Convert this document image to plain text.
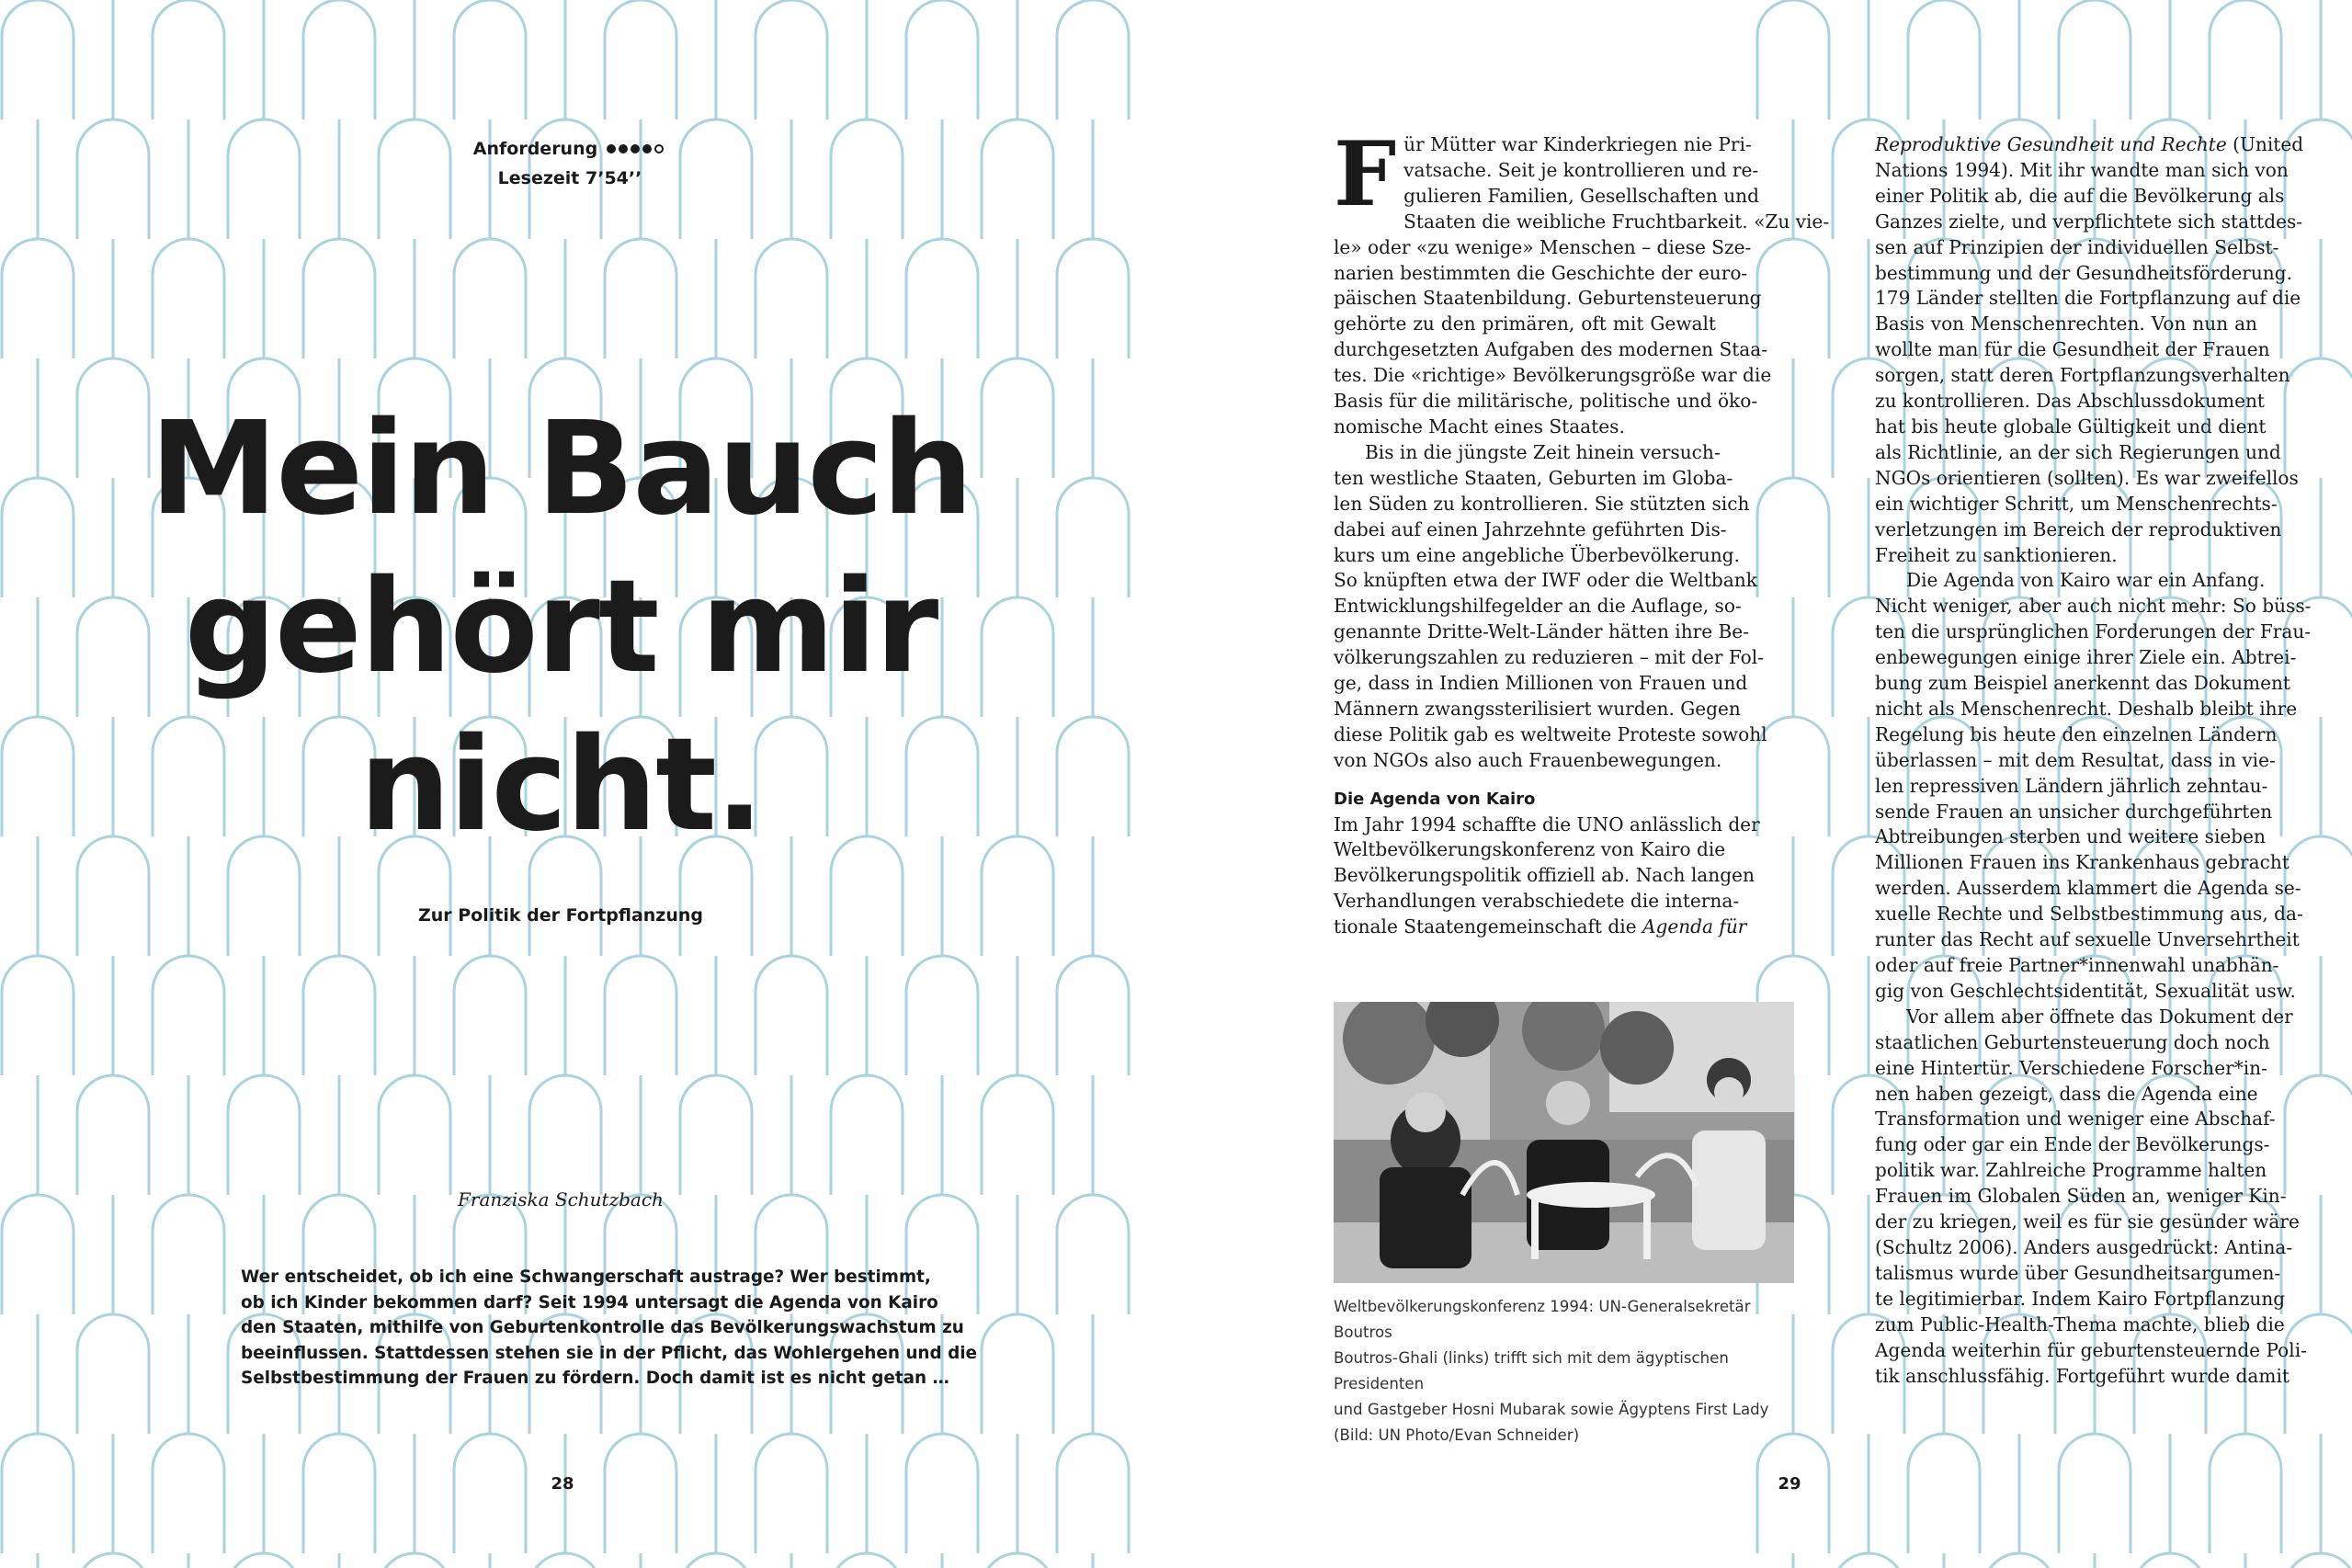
Anforderung
Lesezeit 7’54’’
Mein Bauch
gehört mir
nicht.
Zur Politik der Fortpflanzung
Franziska Schutzbach
Wer entscheidet, ob ich eine Schwangerschaft austrage? Wer bestimmt,
ob ich Kinder bekommen darf? Seit 1994 untersagt die Agenda von Kairo
den Staaten, mithilfe von Geburtenkontrolle das Bevölkerungswachstum zu
beeinflussen. Stattdessen stehen sie in der Pflicht, das Wohlergehen und die
Selbstbestimmung der Frauen zu fördern. Doch damit ist es nicht getan …
28
F ür Mütter war Kinderkriegen nie Pri-
vatsache. Seit je kontrollieren und re-
gulieren Familien, Gesellschaften und
Staaten die weibliche Fruchtbarkeit. «Zu vie-
le» oder «zu wenige» Menschen – diese Sze-
narien bestimmten die Geschichte der euro-
päischen Staatenbildung. Geburtensteuerung
gehörte zu den primären, oft mit Gewalt
durchgesetzten Aufgaben des modernen Staa-
tes. Die «richtige» Bevölkerungsgröße war die
Basis für die militärische, politische und öko-
nomische Macht eines Staates.
Bis in die jüngste Zeit hinein versuch-
ten westliche Staaten, Geburten im Globa-
len Süden zu kontrollieren. Sie stützten sich
dabei auf einen Jahrzehnte geführten Dis-
kurs um eine angebliche Überbevölkerung.
So knüpften etwa der IWF oder die Weltbank
Entwicklungshilfegelder an die Auflage, so-
genannte Dritte-Welt-Länder hätten ihre Be-
völkerungszahlen zu reduzieren – mit der Fol-
ge, dass in Indien Millionen von Frauen und
Männern zwangssterilisiert wurden. Gegen
diese Politik gab es weltweite Proteste sowohl
von NGOs also auch Frauenbewegungen.
Die Agenda von Kairo
Im Jahr 1994 schaffte die UNO anlässlich der
Weltbevölkerungskonferenz von Kairo die
Bevölkerungspolitik offiziell ab. Nach langen
Verhandlungen verabschiedete die interna-
tionale Staatengemeinschaft die Agenda für
Weltbevölkerungskonferenz 1994: UN-Generalsekretär Boutros
Boutros-Ghali (links) trifft sich mit dem ägyptischen Presidenten
und Gastgeber Hosni Mubarak sowie Ägyptens First Lady
(Bild: UN Photo/Evan Schneider)
Reproduktive Gesundheit und Rechte (United
Nations 1994). Mit ihr wandte man sich von
einer Politik ab, die auf die Bevölkerung als
Ganzes zielte, und verpflichtete sich stattdes-
sen auf Prinzipien der individuellen Selbst-
bestimmung und der Gesundheitsförderung.
179 Länder stellten die Fortpflanzung auf die
Basis von Menschenrechten. Von nun an
wollte man für die Gesundheit der Frauen
sorgen, statt deren Fortpflanzungsverhalten
zu kontrollieren. Das Abschlussdokument
hat bis heute globale Gültigkeit und dient
als Richtlinie, an der sich Regierungen und
NGOs orientieren (sollten). Es war zweifellos
ein wichtiger Schritt, um Menschenrechts-
verletzungen im Bereich der reproduktiven
Freiheit zu sanktionieren.
Die Agenda von Kairo war ein Anfang.
Nicht weniger, aber auch nicht mehr: So büss-
ten die ursprünglichen Forderungen der Frau-
enbewegungen einige ihrer Ziele ein. Abtrei-
bung zum Beispiel anerkennt das Dokument
nicht als Menschenrecht. Deshalb bleibt ihre
Regelung bis heute den einzelnen Ländern
überlassen – mit dem Resultat, dass in vie-
len repressiven Ländern jährlich zehntau-
sende Frauen an unsicher durchgeführten
Abtreibungen sterben und weitere sieben
Millionen Frauen ins Krankenhaus gebracht
werden. Ausserdem klammert die Agenda se-
xuelle Rechte und Selbstbestimmung aus, da-
runter das Recht auf sexuelle Unversehrtheit
oder auf freie Partner*innenwahl unabhän-
gig von Geschlechtsidentität, Sexualität usw.
Vor allem aber öffnete das Dokument der
staatlichen Geburtensteuerung doch noch
eine Hintertür. Verschiedene Forscher*in-
nen haben gezeigt, dass die Agenda eine
Transformation und weniger eine Abschaf-
fung oder gar ein Ende der Bevölkerungs-
politik war. Zahlreiche Programme halten
Frauen im Globalen Süden an, weniger Kin-
der zu kriegen, weil es für sie gesünder wäre
(Schultz 2006). Anders ausgedrückt: Antina-
talismus wurde über Gesundheitsargumen-
te legitimierbar. Indem Kairo Fortpflanzung
zum Public-Health-Thema machte, blieb die
Agenda weiterhin für geburtensteuernde Poli-
tik anschlussfähig. Fortgeführt wurde damit
29
